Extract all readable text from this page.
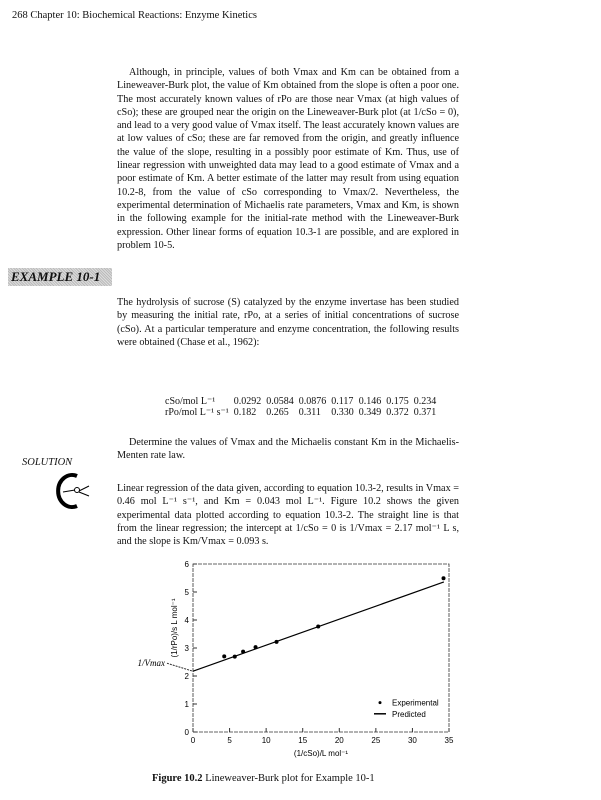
268 Chapter 10: Biochemical Reactions: Enzyme Kinetics

Although, in principle, values of both Vmax and Km can be obtained from a Lineweaver-Burk plot, the value of Km obtained from the slope is often a poor one. The most accurately known values of rPo are those near Vmax (at high values of cSo); these are grouped near the origin on the Lineweaver-Burk plot (at 1/cSo = 0), and lead to a very good value of Vmax itself. The least accurately known values are at low values of cSo; these are far removed from the origin, and greatly influence the value of the slope, resulting in a possibly poor estimate of Km. Thus, use of linear regression with unweighted data may lead to a good estimate of Vmax and a poor estimate of Km. A better estimate of the latter may result from using equation 10.2-8, from the value of cSo corresponding to Vmax/2. Nevertheless, the experimental determination of Michaelis rate parameters, Vmax and Km, is shown in the following example for the initial-rate method with the Lineweaver-Burk expression. Other linear forms of equation 10.3-1 are possible, and are explored in problem 10-5.

EXAMPLE 10-1

The hydrolysis of sucrose (S) catalyzed by the enzyme invertase has been studied by measuring the initial rate, rPo, at a series of initial concentrations of sucrose (cSo). At a particular temperature and enzyme concentration, the following results were obtained (Chase et al., 1962):

cSo/mol L⁻¹	0.0292	0.0584	0.0876	0.117	0.146	0.175	0.234
rPo/mol L⁻¹ s⁻¹	0.182	0.265	0.311	0.330	0.349	0.372	0.371

Determine the values of Vmax and the Michaelis constant Km in the Michaelis-Menten rate law.

SOLUTION

Linear regression of the data given, according to equation 10.3-2, results in Vmax = 0.46 mol L⁻¹ s⁻¹, and Km = 0.043 mol L⁻¹. Figure 10.2 shows the given experimental data plotted according to equation 10.3-2. The straight line is that from the linear regression; the intercept at 1/cSo = 0 is 1/Vmax = 2.17 mol⁻¹ L s, and the slope is Km/Vmax = 0.093 s.

0	5	10	15	20	25	30	35
0
1
2
3
4
5
6
(1/cSo)/L mol⁻¹
(1/rPo)/s L mol⁻¹
1/Vmax
Experimental
Predicted
Figure 10.2 Lineweaver-Burk plot for Example 10-1
